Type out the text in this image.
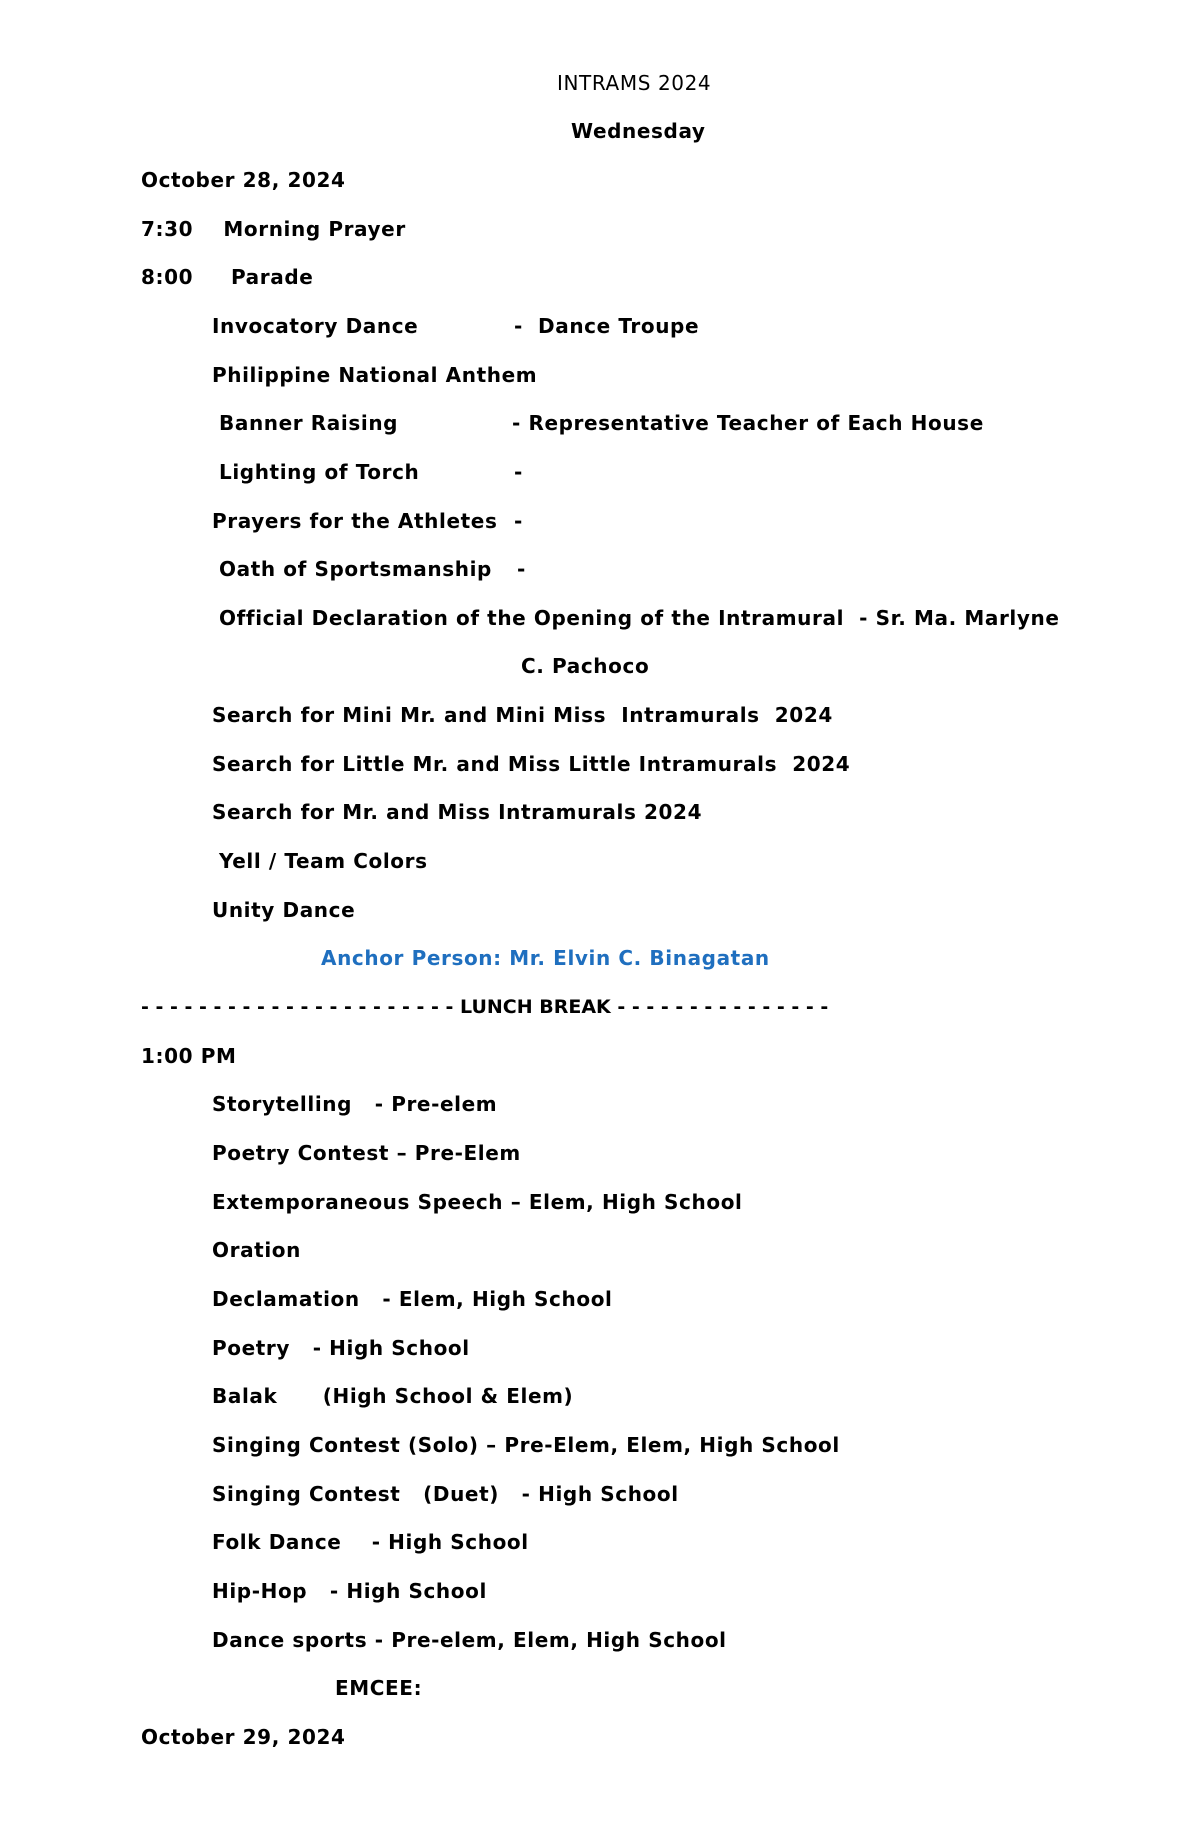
INTRAMS 2024
Wednesday
October 28, 2024
7:30    Morning Prayer
8:00     Parade
Invocatory Dance	-  Dance Troupe
Philippine National Anthem
Banner Raising	- Representative Teacher of Each House
Lighting of Torch	-
Prayers for the Athletes -
Oath of Sportsmanship -
Official Declaration of the Opening of the Intramural  - Sr. Ma. Marlyne
C. Pachoco
Search for Mini Mr. and Mini Miss  Intramurals  2024
Search for Little Mr. and Miss Little Intramurals  2024
Search for Mr. and Miss Intramurals 2024
Yell / Team Colors
Unity Dance
Anchor Person: Mr. Elvin C. Binagatan
- - - - - - - - - - - - - - - - - - - - - - LUNCH BREAK - - - - - - - - - - - - - - -
1:00 PM
Storytelling   - Pre-elem
Poetry Contest – Pre-Elem
Extemporaneous Speech – Elem, High School
Oration
Declamation   - Elem, High School
Poetry   - High School
Balak      (High School & Elem)
Singing Contest (Solo) – Pre-Elem, Elem, High School
Singing Contest   (Duet)   - High School
Folk Dance    - High School
Hip-Hop   - High School
Dance sports - Pre-elem, Elem, High School
EMCEE:
October 29, 2024
